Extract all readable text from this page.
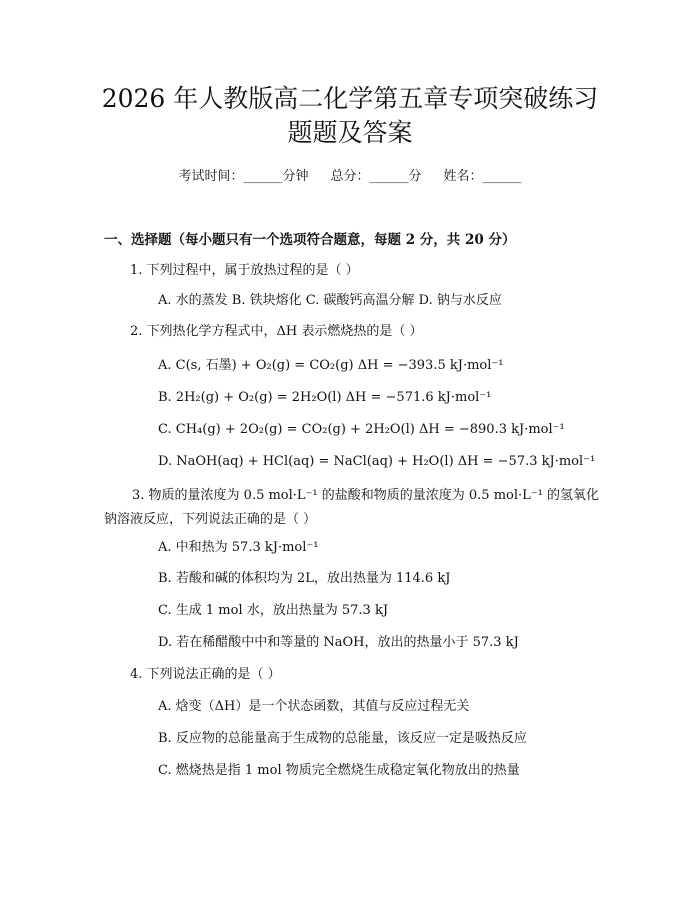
2026 年人教版高二化学第五章专项突破练习
题题及答案
考试时间：______分钟 总分：______分 姓名：______
一、选择题（每小题只有一个选项符合题意，每题 2 分，共 20 分）
1. 下列过程中，属于放热过程的是（ ）
A. 水的蒸发 B. 铁块熔化 C. 碳酸钙高温分解 D. 钠与水反应
2. 下列热化学方程式中，ΔH 表示燃烧热的是（ ）
A. C(s, 石墨) + O₂(g) = CO₂(g) ΔH = −393.5 kJ·mol⁻¹
B. 2H₂(g) + O₂(g) = 2H₂O(l) ΔH = −571.6 kJ·mol⁻¹
C. CH₄(g) + 2O₂(g) = CO₂(g) + 2H₂O(l) ΔH = −890.3 kJ·mol⁻¹
D. NaOH(aq) + HCl(aq) = NaCl(aq) + H₂O(l) ΔH = −57.3 kJ·mol⁻¹
3. 物质的量浓度为 0.5 mol·L⁻¹ 的盐酸和物质的量浓度为 0.5 mol·L⁻¹ 的氢氧化钠溶液反应，下列说法正确的是（ ）
A. 中和热为 57.3 kJ·mol⁻¹
B. 若酸和碱的体积均为 2L，放出热量为 114.6 kJ
C. 生成 1 mol 水，放出热量为 57.3 kJ
D. 若在稀醋酸中中和等量的 NaOH，放出的热量小于 57.3 kJ
4. 下列说法正确的是（ ）
A. 焓变（ΔH）是一个状态函数，其值与反应过程无关
B. 反应物的总能量高于生成物的总能量，该反应一定是吸热反应
C. 燃烧热是指 1 mol 物质完全燃烧生成稳定氧化物放出的热量
